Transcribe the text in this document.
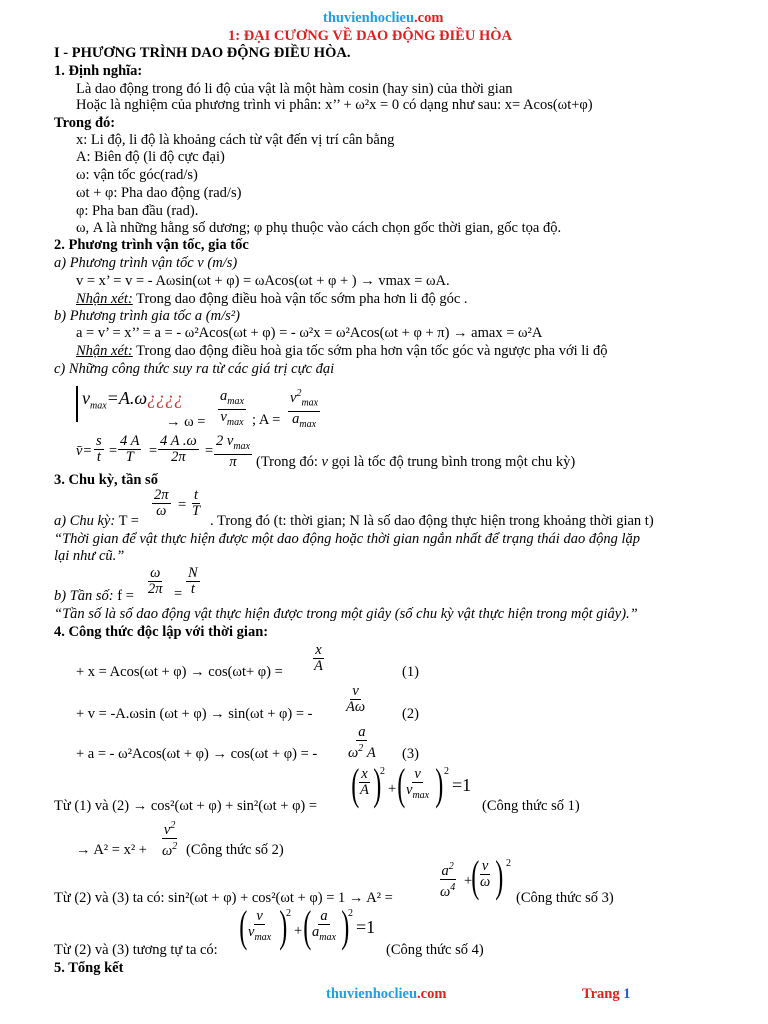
thuvienhoclieu.com
1: ĐẠI CƯƠNG VỀ DAO ĐỘNG ĐIỀU HÒA
I - PHƯƠNG TRÌNH DAO ĐỘNG ĐIỀU HÒA.
1. Định nghĩa:
Là dao động trong đó li độ của vật là một hàm cosin (hay sin) của thời gian
Hoặc là nghiệm của phương trình vi phân: x’’ + ω²x = 0 có dạng như sau: x= Acos(ωt+φ)
Trong đó:
x: Li độ, li độ là khoảng cách từ vật đến vị trí cân bằng
A: Biên độ (li độ cực đại)
ω: vận tốc góc(rad/s)
ωt + φ: Pha dao động (rad/s)
φ: Pha ban đầu (rad).
ω, A là những hằng số dương; φ phụ thuộc vào cách chọn gốc thời gian, gốc tọa độ.
2. Phương trình vận tốc, gia tốc
a) Phương trình vận tốc v (m/s)
v = x’ = v = - Aωsin(ωt + φ) = ωAcos(ωt + φ + ) → vmax = ωA.
Nhận xét: Trong dao động điều hoà vận tốc sớm pha hơn li độ góc .
b) Phương trình gia tốc a (m/s²)
a = v’ = x’’ = a = - ω²Acos(ωt + φ) = - ω²x = ω²Acos(ωt + φ + π) → amax = ω²A
Nhận xét: Trong dao động điều hoà gia tốc sớm pha hơn vận tốc góc và ngược pha với li độ
c) Những công thức suy ra từ các giá trị cực đại
$v_{max}=A.\omega¿¿¿¿$
→ ω =
$a_{max}$
$v_{max}$ ; A =
$v^2_{max}$
$a_{max}$
v̄=
s
t =
4 A
T =
4 A .ω
2π =
2 $v_{max}$
π (Trong đó: v gọi là tốc độ trung bình trong một chu kỳ)
3. Chu kỳ, tần số
2π
ω =
t
T
a) Chu kỳ: T =	. Trong đó (t: thời gian; N là số dao động thực hiện trong khoảng thời gian t)
“Thời gian để vật thực hiện được một dao động hoặc thời gian ngắn nhất để trạng thái dao động lặp
lại như cũ.”
ω
2π =
N
t
b) Tần số: f =
“Tần số là số dao động vật thực hiện được trong một giây (số chu kỳ vật thực hiện trong một giây).”
4. Công thức độc lập với thời gian:
x
A
+ x = Acos(ωt + φ) → cos(ωt+ φ) =	(1)
v
Aω
+ v = -A.ωsin (ωt + φ) → sin(ωt + φ) = -	(2)
a
$\omega^2$ A
+ a = - ω²Acos(ωt + φ) → cos(ωt + φ) = -	(3)
( x
A )
2
+ ( v
$v_{max}$ ) 2
=1
Từ (1) và (2) → cos²(ωt + φ) + sin²(ωt + φ) =	(Công thức số 1)
$v^2$
$\omega^2$
→ A² = x² +	(Công thức số 2)
$a^2$
$\omega^4$ + ( v
ω ) 2
Từ (2) và (3) ta có: sin²(ωt + φ) + cos²(ωt + φ) = 1 → A² =	(Công thức số 3)
( v
$v_{max}$ )
2
+ ( a
$a_{max}$ )
2
=1
Từ (2) và (3) tương tự ta có:	(Công thức số 4)
5. Tổng kết
thuvienhoclieu.com	Trang 1
